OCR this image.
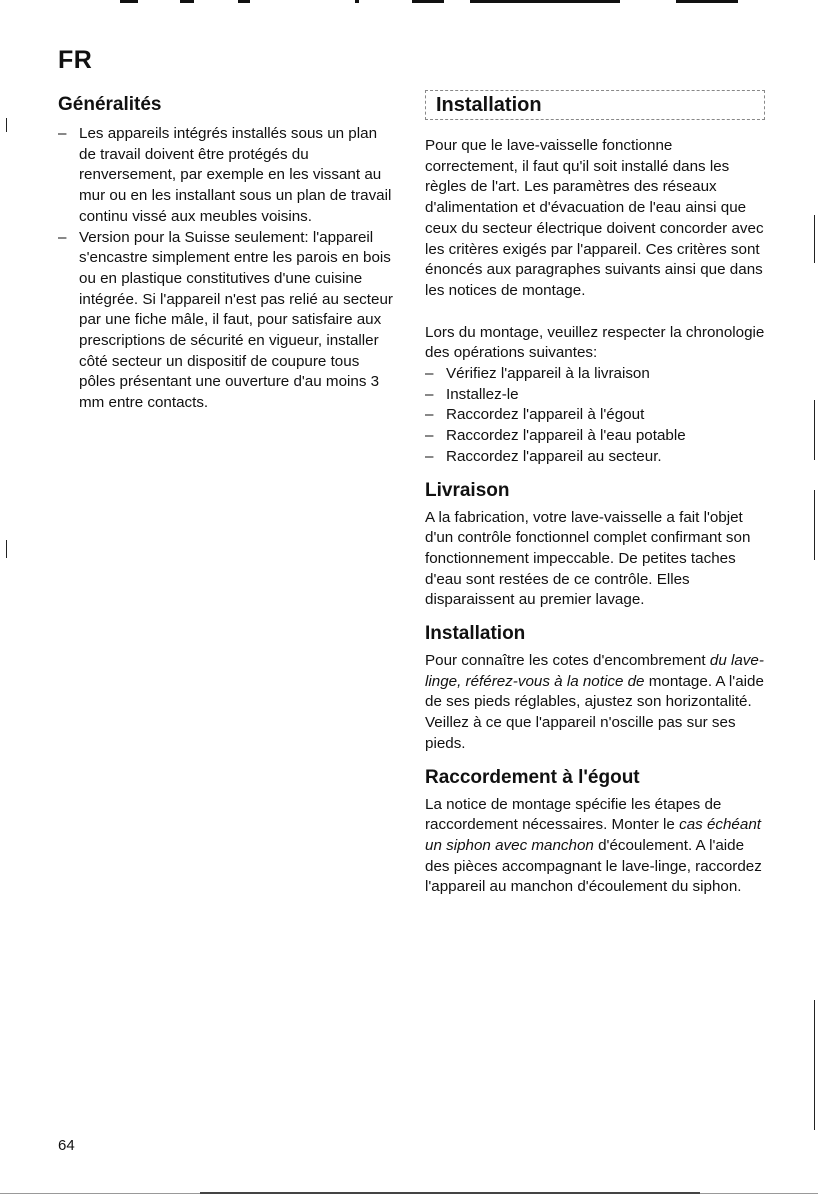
FR
Généralités
– Les appareils intégrés installés sous un plan de travail doivent être protégés du renversement, par exemple en les vissant au mur ou en les installant sous un plan de travail continu vissé aux meubles voisins.
– Version pour la Suisse seulement: l'appareil s'encastre simplement entre les parois en bois ou en plastique constitutives d'une cuisine intégrée. Si l'appareil n'est pas relié au secteur par une fiche mâle, il faut, pour satisfaire aux prescriptions de sécurité en vigueur, installer côté secteur un dispositif de coupure tous pôles présentant une ouverture d'au moins 3 mm entre contacts.
Installation

Pour que le lave-vaisselle fonctionne correctement, il faut qu'il soit installé dans les règles de l'art. Les paramètres des réseaux d'alimentation et d'évacuation de l'eau ainsi que ceux du secteur électrique doivent concorder avec les critères exigés par l'appareil. Ces critères sont énoncés aux paragraphes suivants ainsi que dans les notices de montage.

Lors du montage, veuillez respecter la chronologie des opérations suivantes:

– Vérifiez l'appareil à la livraison
– Installez-le
– Raccordez l'appareil à l'égout
– Raccordez l'appareil à l'eau potable
– Raccordez l'appareil au secteur.
Livraison

A la fabrication, votre lave-vaisselle a fait l'objet d'un contrôle fonctionnel complet confirmant son fonctionnement impeccable. De petites taches d'eau sont restées de ce contrôle. Elles disparaissent au premier lavage.

Installation

Pour connaître les cotes d'encombrement du lave-linge, référez-vous à la notice de montage. A l'aide de ses pieds réglables, ajustez son horizontalité. Veillez à ce que l'appareil n'oscille pas sur ses pieds.

Raccordement à l'égout

La notice de montage spécifie les étapes de raccordement nécessaires. Monter le cas échéant un siphon avec manchon d'écoulement. A l'aide des pièces accompagnant le lave-linge, raccordez l'appareil au manchon d'écoulement du siphon.

64
